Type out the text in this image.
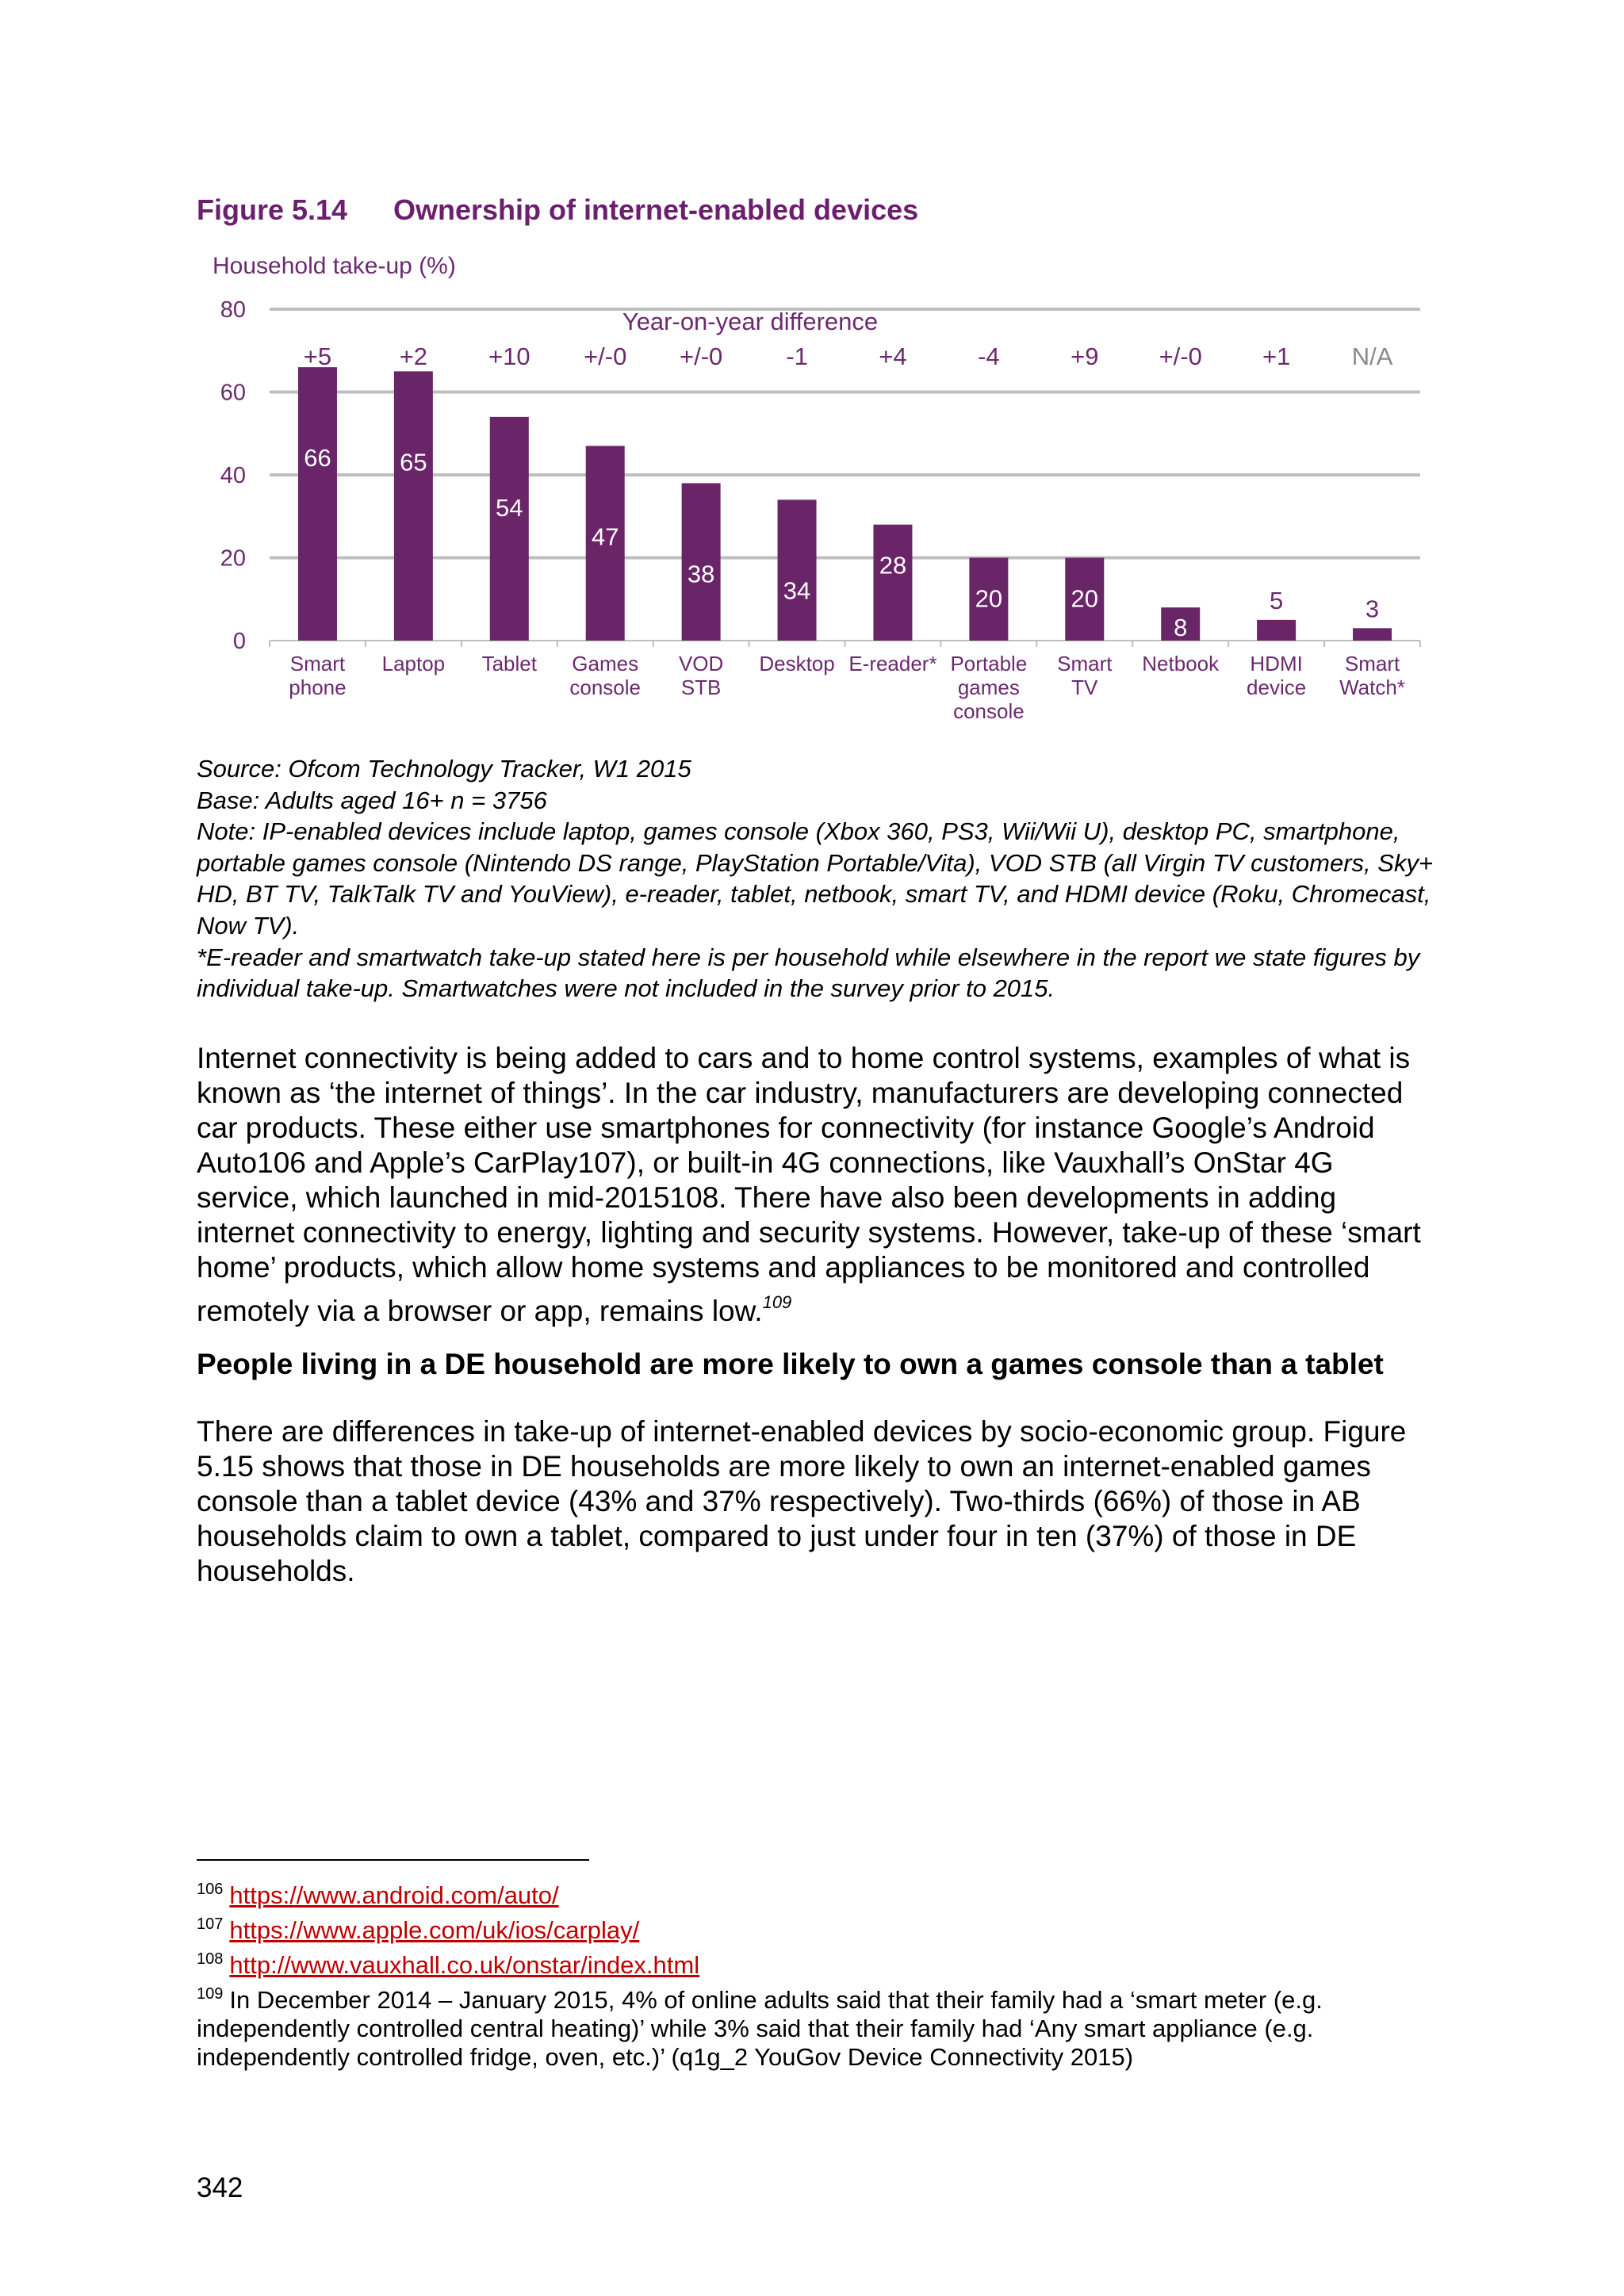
Figure 5.14 Ownership of internet-enabled devices
Household take-up (%)
0
20
40
60
80	Year-on-year difference
66
+5
Smart phone
65
+2
Laptop
54
+10
Tablet
47
+/-0
Games console
38
+/-0
VOD STB
34
-1
Desktop
28
+4
E-reader*
20
-4
Portable games console
20
+9
Smart TV
8
+/-0
Netbook
5
+1
HDMI device
3
N/A
Smart Watch*
Source: Ofcom Technology Tracker, W1 2015
Base: Adults aged 16+ n = 3756
Note: IP-enabled devices include laptop, games console (Xbox 360, PS3, Wii/Wii U), desktop PC, smartphone, portable games console (Nintendo DS range, PlayStation Portable/Vita), VOD STB (all Virgin TV customers, Sky+ HD, BT TV, TalkTalk TV and YouView), e-reader, tablet, netbook, smart TV, and HDMI device (Roku, Chromecast, Now TV).
*E-reader and smartwatch take-up stated here is per household while elsewhere in the report we state figures by individual take-up. Smartwatches were not included in the survey prior to 2015.
Internet connectivity is being added to cars and to home control systems, examples of what is known as ‘the internet of things’. In the car industry, manufacturers are developing connected car products. These either use smartphones for connectivity (for instance Google’s Android Auto106 and Apple’s CarPlay107), or built-in 4G connections, like Vauxhall’s OnStar 4G service, which launched in mid-2015108. There have also been developments in adding internet connectivity to energy, lighting and security systems. However, take-up of these ‘smart home’ products, which allow home systems and appliances to be monitored and controlled remotely via a browser or app, remains low.$^{109}$
People living in a DE household are more likely to own a games console than a tablet
There are differences in take-up of internet-enabled devices by socio-economic group. Figure 5.15 shows that those in DE households are more likely to own an internet-enabled games console than a tablet device (43% and 37% respectively). Two-thirds (66%) of those in AB households claim to own a tablet, compared to just under four in ten (37%) of those in DE households.
$^{106}$ https://www.android.com/auto/
$^{107}$ https://www.apple.com/uk/ios/carplay/
$^{108}$ http://www.vauxhall.co.uk/onstar/index.html
$^{109}$ In December 2014 – January 2015, 4% of online adults said that their family had a ‘smart meter (e.g. independently controlled central heating)’ while 3% said that their family had ‘Any smart appliance (e.g. independently controlled fridge, oven, etc.)’ (q1g_2 YouGov Device Connectivity 2015)
342
